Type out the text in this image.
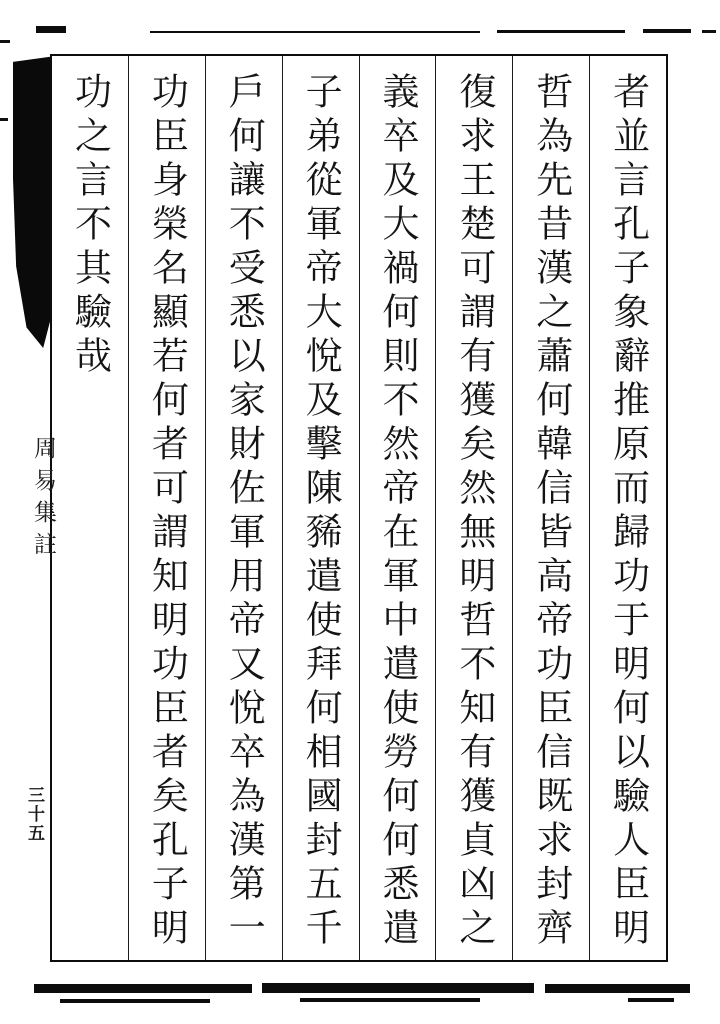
者並言孔子象辭推原而歸功于明何以驗人臣明
哲為先昔漢之蕭何韓信皆高帝功臣信既求封齊
復求王楚可謂有獲矣然無明哲不知有獲貞凶之
義卒及大禍何則不然帝在軍中遣使勞何何悉遣
子弟從軍帝大悅及擊陳豨遣使拜何相國封五千
戶何讓不受悉以家財佐軍用帝又悅卒為漢第一
功臣身榮名顯若何者可謂知明功臣者矣孔子明
功之言不其驗哉
周易集註
三十五
